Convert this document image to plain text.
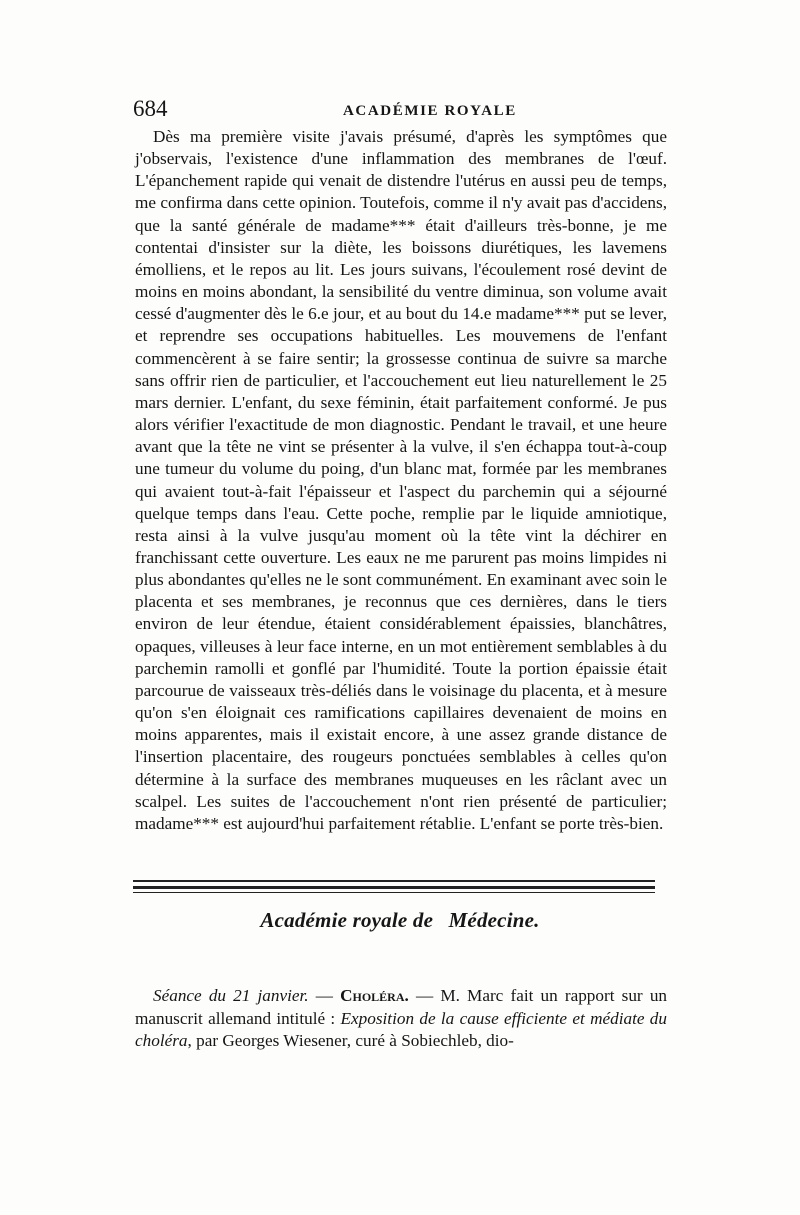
684	ACADÉMIE ROYALE

Dès ma première visite j'avais présumé, d'après les symptômes que j'observais, l'existence d'une inflammation des membranes de l'œuf. L'épanchement rapide qui venait de distendre l'utérus en aussi peu de temps, me confirma dans cette opinion. Toutefois, comme il n'y avait pas d'accidens, que la santé générale de madame*** était d'ailleurs très-bonne, je me contentai d'insister sur la diète, les boissons diurétiques, les lavemens émolliens, et le repos au lit. Les jours suivans, l'écoulement rosé devint de moins en moins abondant, la sensibilité du ventre diminua, son volume avait cessé d'augmenter dès le 6.e jour, et au bout du 14.e madame*** put se lever, et reprendre ses occupations habituelles. Les mouvemens de l'enfant commencèrent à se faire sentir; la grossesse continua de suivre sa marche sans offrir rien de particulier, et l'accouchement eut lieu naturellement le 25 mars dernier. L'enfant, du sexe féminin, était parfaitement conformé. Je pus alors vérifier l'exactitude de mon diagnostic. Pendant le travail, et une heure avant que la tête ne vint se présenter à la vulve, il s'en échappa tout-à-coup une tumeur du volume du poing, d'un blanc mat, formée par les membranes qui avaient tout-à-fait l'épaisseur et l'aspect du parchemin qui a séjourné quelque temps dans l'eau. Cette poche, remplie par le liquide amniotique, resta ainsi à la vulve jusqu'au moment où la tête vint la déchirer en franchissant cette ouverture. Les eaux ne me parurent pas moins limpides ni plus abondantes qu'elles ne le sont communément. En examinant avec soin le placenta et ses membranes, je reconnus que ces dernières, dans le tiers environ de leur étendue, étaient considérablement épaissies, blanchâtres, opaques, villeuses à leur face interne, en un mot entièrement semblables à du parchemin ramolli et gonflé par l'humidité. Toute la portion épaissie était parcourue de vaisseaux très-déliés dans le voisinage du placenta, et à mesure qu'on s'en éloignait ces ramifications capillaires devenaient de moins en moins apparentes, mais il existait encore, à une assez grande distance de l'insertion placentaire, des rougeurs ponctuées semblables à celles qu'on détermine à la surface des membranes muqueuses en les râclant avec un scalpel. Les suites de l'accouchement n'ont rien présenté de particulier; madame*** est aujourd'hui parfaitement rétablie. L'enfant se porte très-bien.

Académie royale de Médecine.

Séance du 21 janvier. — Choléra. — M. Marc fait un rapport sur un manuscrit allemand intitulé : Exposition de la cause efficiente et médiate du choléra, par Georges Wiesener, curé à Sobiechleb, dio-
